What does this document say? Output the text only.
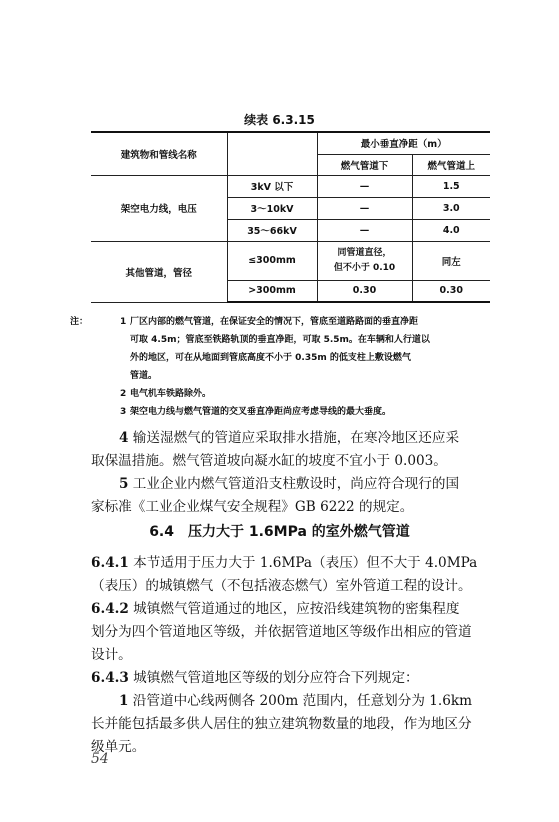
续表 6.3.15
建筑物和管线名称		最小垂直净距（m）	
		燃气管道下	燃气管道上
架空电力线，电压	3kV 以下	—	1.5
	3～10kV	—	3.0
	35～66kV	—	4.0
其他管道，管径	≤300mm	同管道直径，
但不小于 0.10	同左
	>300mm	0.30	0.30
注：	1 厂区内部的燃气管道，在保证安全的情况下，管底至道路路面的垂直净距
可取 4.5m；管底至铁路轨顶的垂直净距，可取 5.5m。在车辆和人行道以
外的地区，可在从地面到管底高度不小于 0.35m 的低支柱上敷设燃气
管道。
2 电气机车铁路除外。
3 架空电力线与燃气管道的交叉垂直净距尚应考虑导线的最大垂度。
4 输送湿燃气的管道应采取排水措施，在寒冷地区还应采
取保温措施。燃气管道坡向凝水缸的坡度不宜小于 0.003。
5 工业企业内燃气管道沿支柱敷设时，尚应符合现行的国
家标准《工业企业煤气安全规程》GB 6222 的规定。
6.4　压力大于 1.6MPa 的室外燃气管道
6.4.1 本节适用于压力大于 1.6MPa（表压）但不大于 4.0MPa
（表压）的城镇燃气（不包括液态燃气）室外管道工程的设计。
6.4.2 城镇燃气管道通过的地区，应按沿线建筑物的密集程度
划分为四个管道地区等级，并依据管道地区等级作出相应的管道
设计。
6.4.3 城镇燃气管道地区等级的划分应符合下列规定：
1 沿管道中心线两侧各 200m 范围内，任意划分为 1.6km
长并能包括最多供人居住的独立建筑物数量的地段，作为地区分
级单元。
54
